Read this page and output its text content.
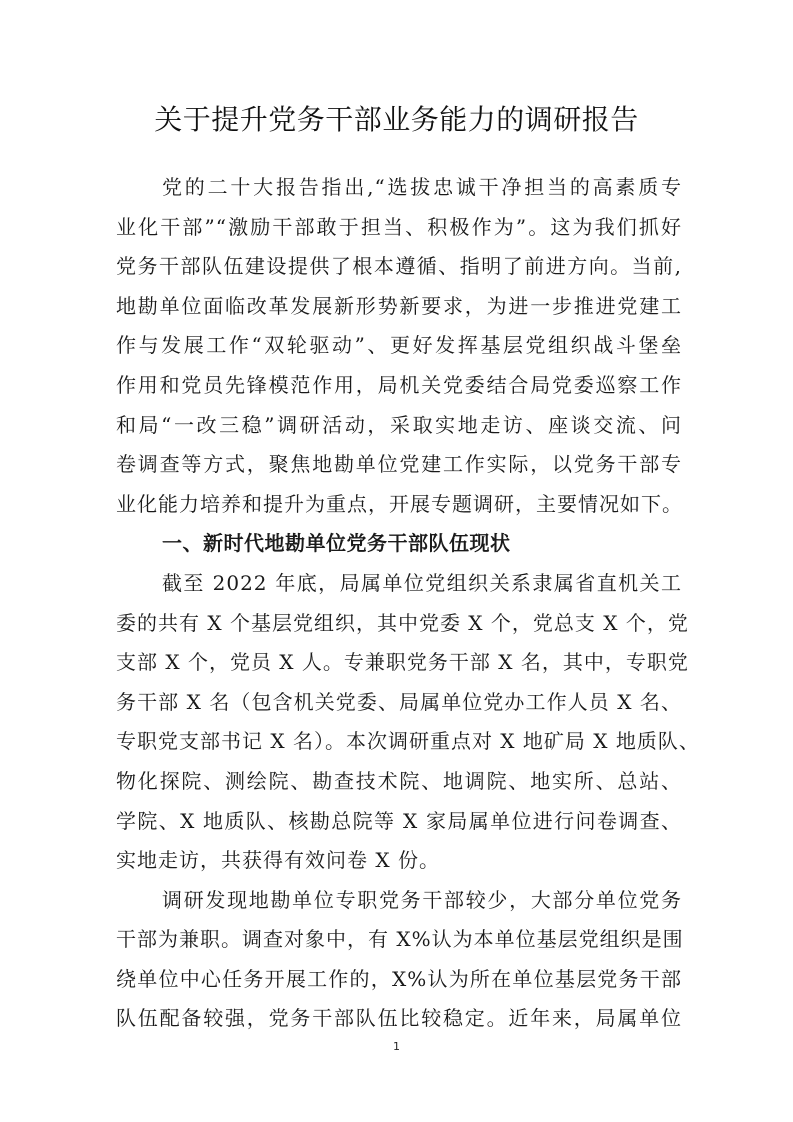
关于提升党务干部业务能力的调研报告
党的二十大报告指出,“选拔忠诚干净担当的高素质专
业化干部”“激励干部敢于担当、积极作为”。这为我们抓好
党务干部队伍建设提供了根本遵循、指明了前进方向。当前,
地勘单位面临改革发展新形势新要求，为进一步推进党建工
作与发展工作“双轮驱动”、更好发挥基层党组织战斗堡垒
作用和党员先锋模范作用，局机关党委结合局党委巡察工作
和局“一改三稳”调研活动，采取实地走访、座谈交流、问
卷调查等方式，聚焦地勘单位党建工作实际，以党务干部专
业化能力培养和提升为重点，开展专题调研，主要情况如下。
一、新时代地勘单位党务干部队伍现状
截至 2022 年底，局属单位党组织关系隶属省直机关工
委的共有 X 个基层党组织，其中党委 X 个，党总支 X 个，党
支部 X 个，党员 X 人。专兼职党务干部 X 名，其中，专职党
务干部 X 名（包含机关党委、局属单位党办工作人员 X 名、
专职党支部书记 X 名）。本次调研重点对 X 地矿局 X 地质队、
物化探院、测绘院、勘查技术院、地调院、地实所、总站、
学院、X 地质队、核勘总院等 X 家局属单位进行问卷调查、
实地走访，共获得有效问卷 X 份。
调研发现地勘单位专职党务干部较少，大部分单位党务
干部为兼职。调查对象中，有 X%认为本单位基层党组织是围
绕单位中心任务开展工作的，X%认为所在单位基层党务干部
队伍配备较强，党务干部队伍比较稳定。近年来，局属单位
1
